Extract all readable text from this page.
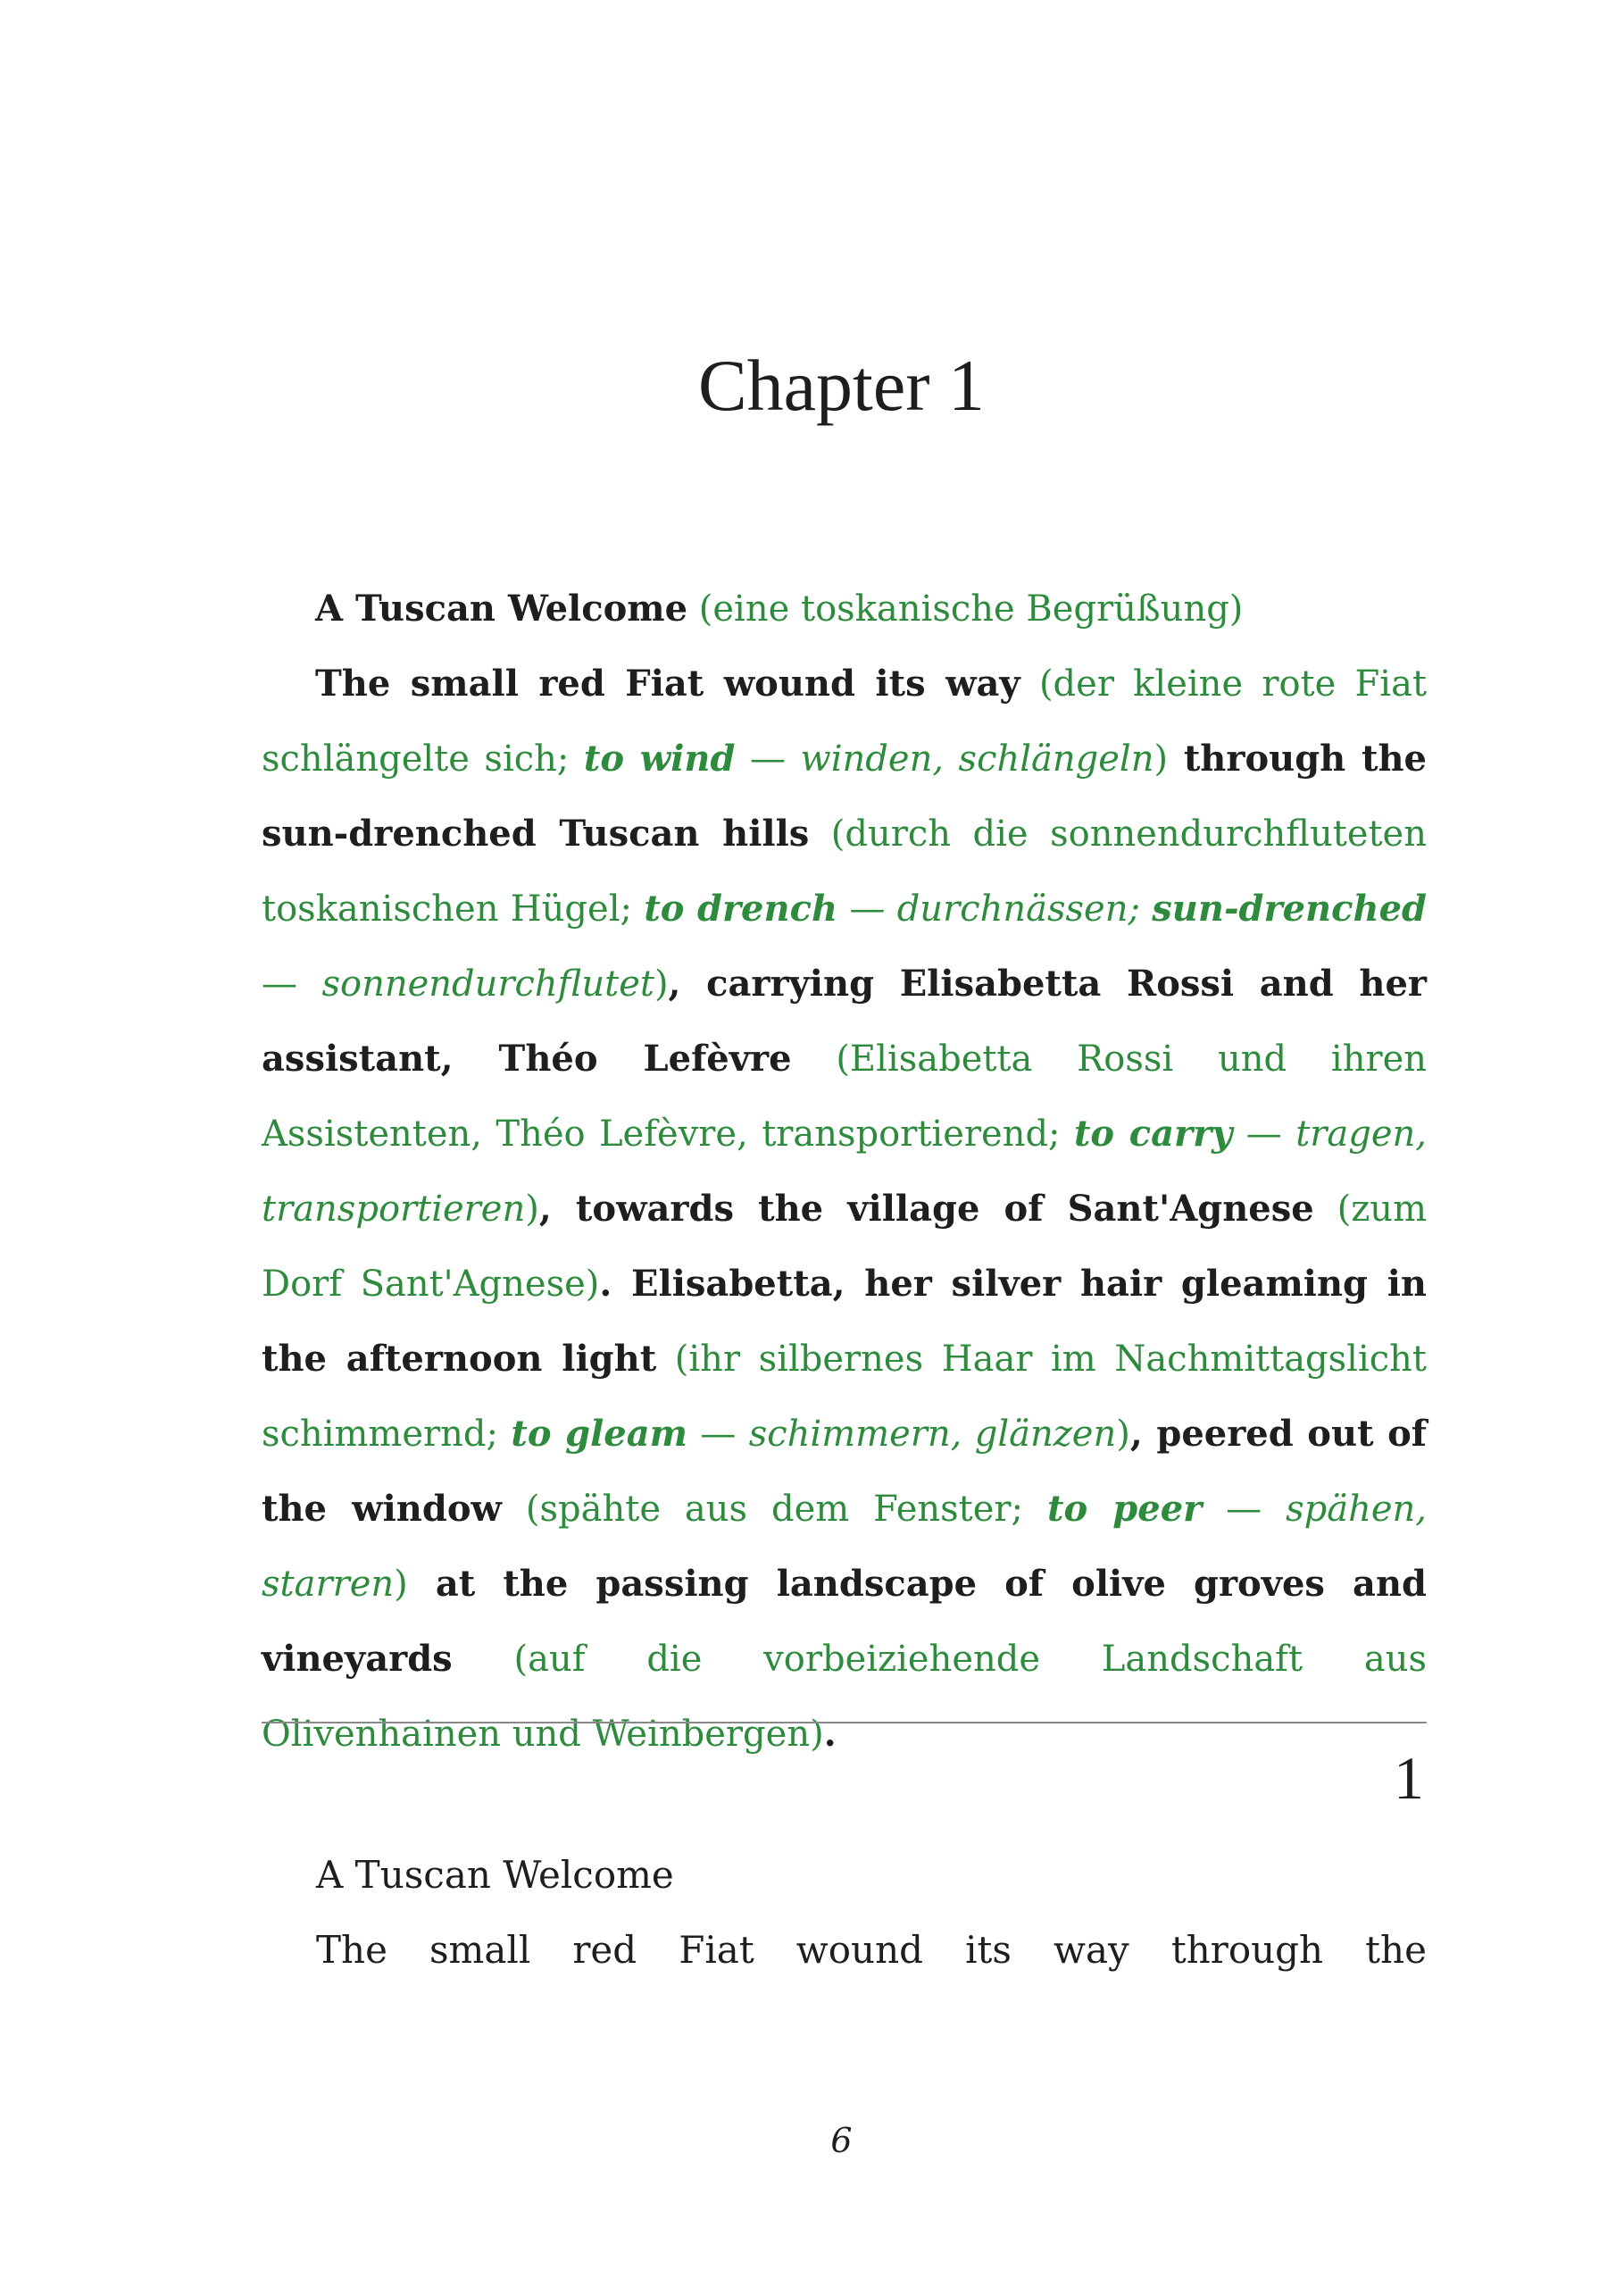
Chapter 1

A Tuscan Welcome (eine toskanische Begrüßung)

The small red Fiat wound its way (der kleine rote Fiat schlängelte sich; to wind — winden, schlängeln) through the sun-drenched Tuscan hills (durch die sonnendurchfluteten toskanischen Hügel; to drench — durchnässen; sun-drenched — sonnendurchflutet), carrying Elisabetta Rossi and her assistant, Théo Lefèvre (Elisabetta Rossi und ihren Assistenten, Théo Lefèvre, transportierend; to carry — tragen, transportieren), towards the village of Sant'Agnese (zum Dorf Sant'Agnese). Elisabetta, her silver hair gleaming in the afternoon light (ihr silbernes Haar im Nachmittagslicht schimmernd; to gleam — schimmern, glänzen), peered out of the window (spähte aus dem Fenster; to peer — spähen, starren) at the passing landscape of olive groves and vineyards (auf die vorbeiziehende Landschaft aus Olivenhainen und Weinbergen).

1
A Tuscan Welcome
The small red Fiat wound its way through the
6
